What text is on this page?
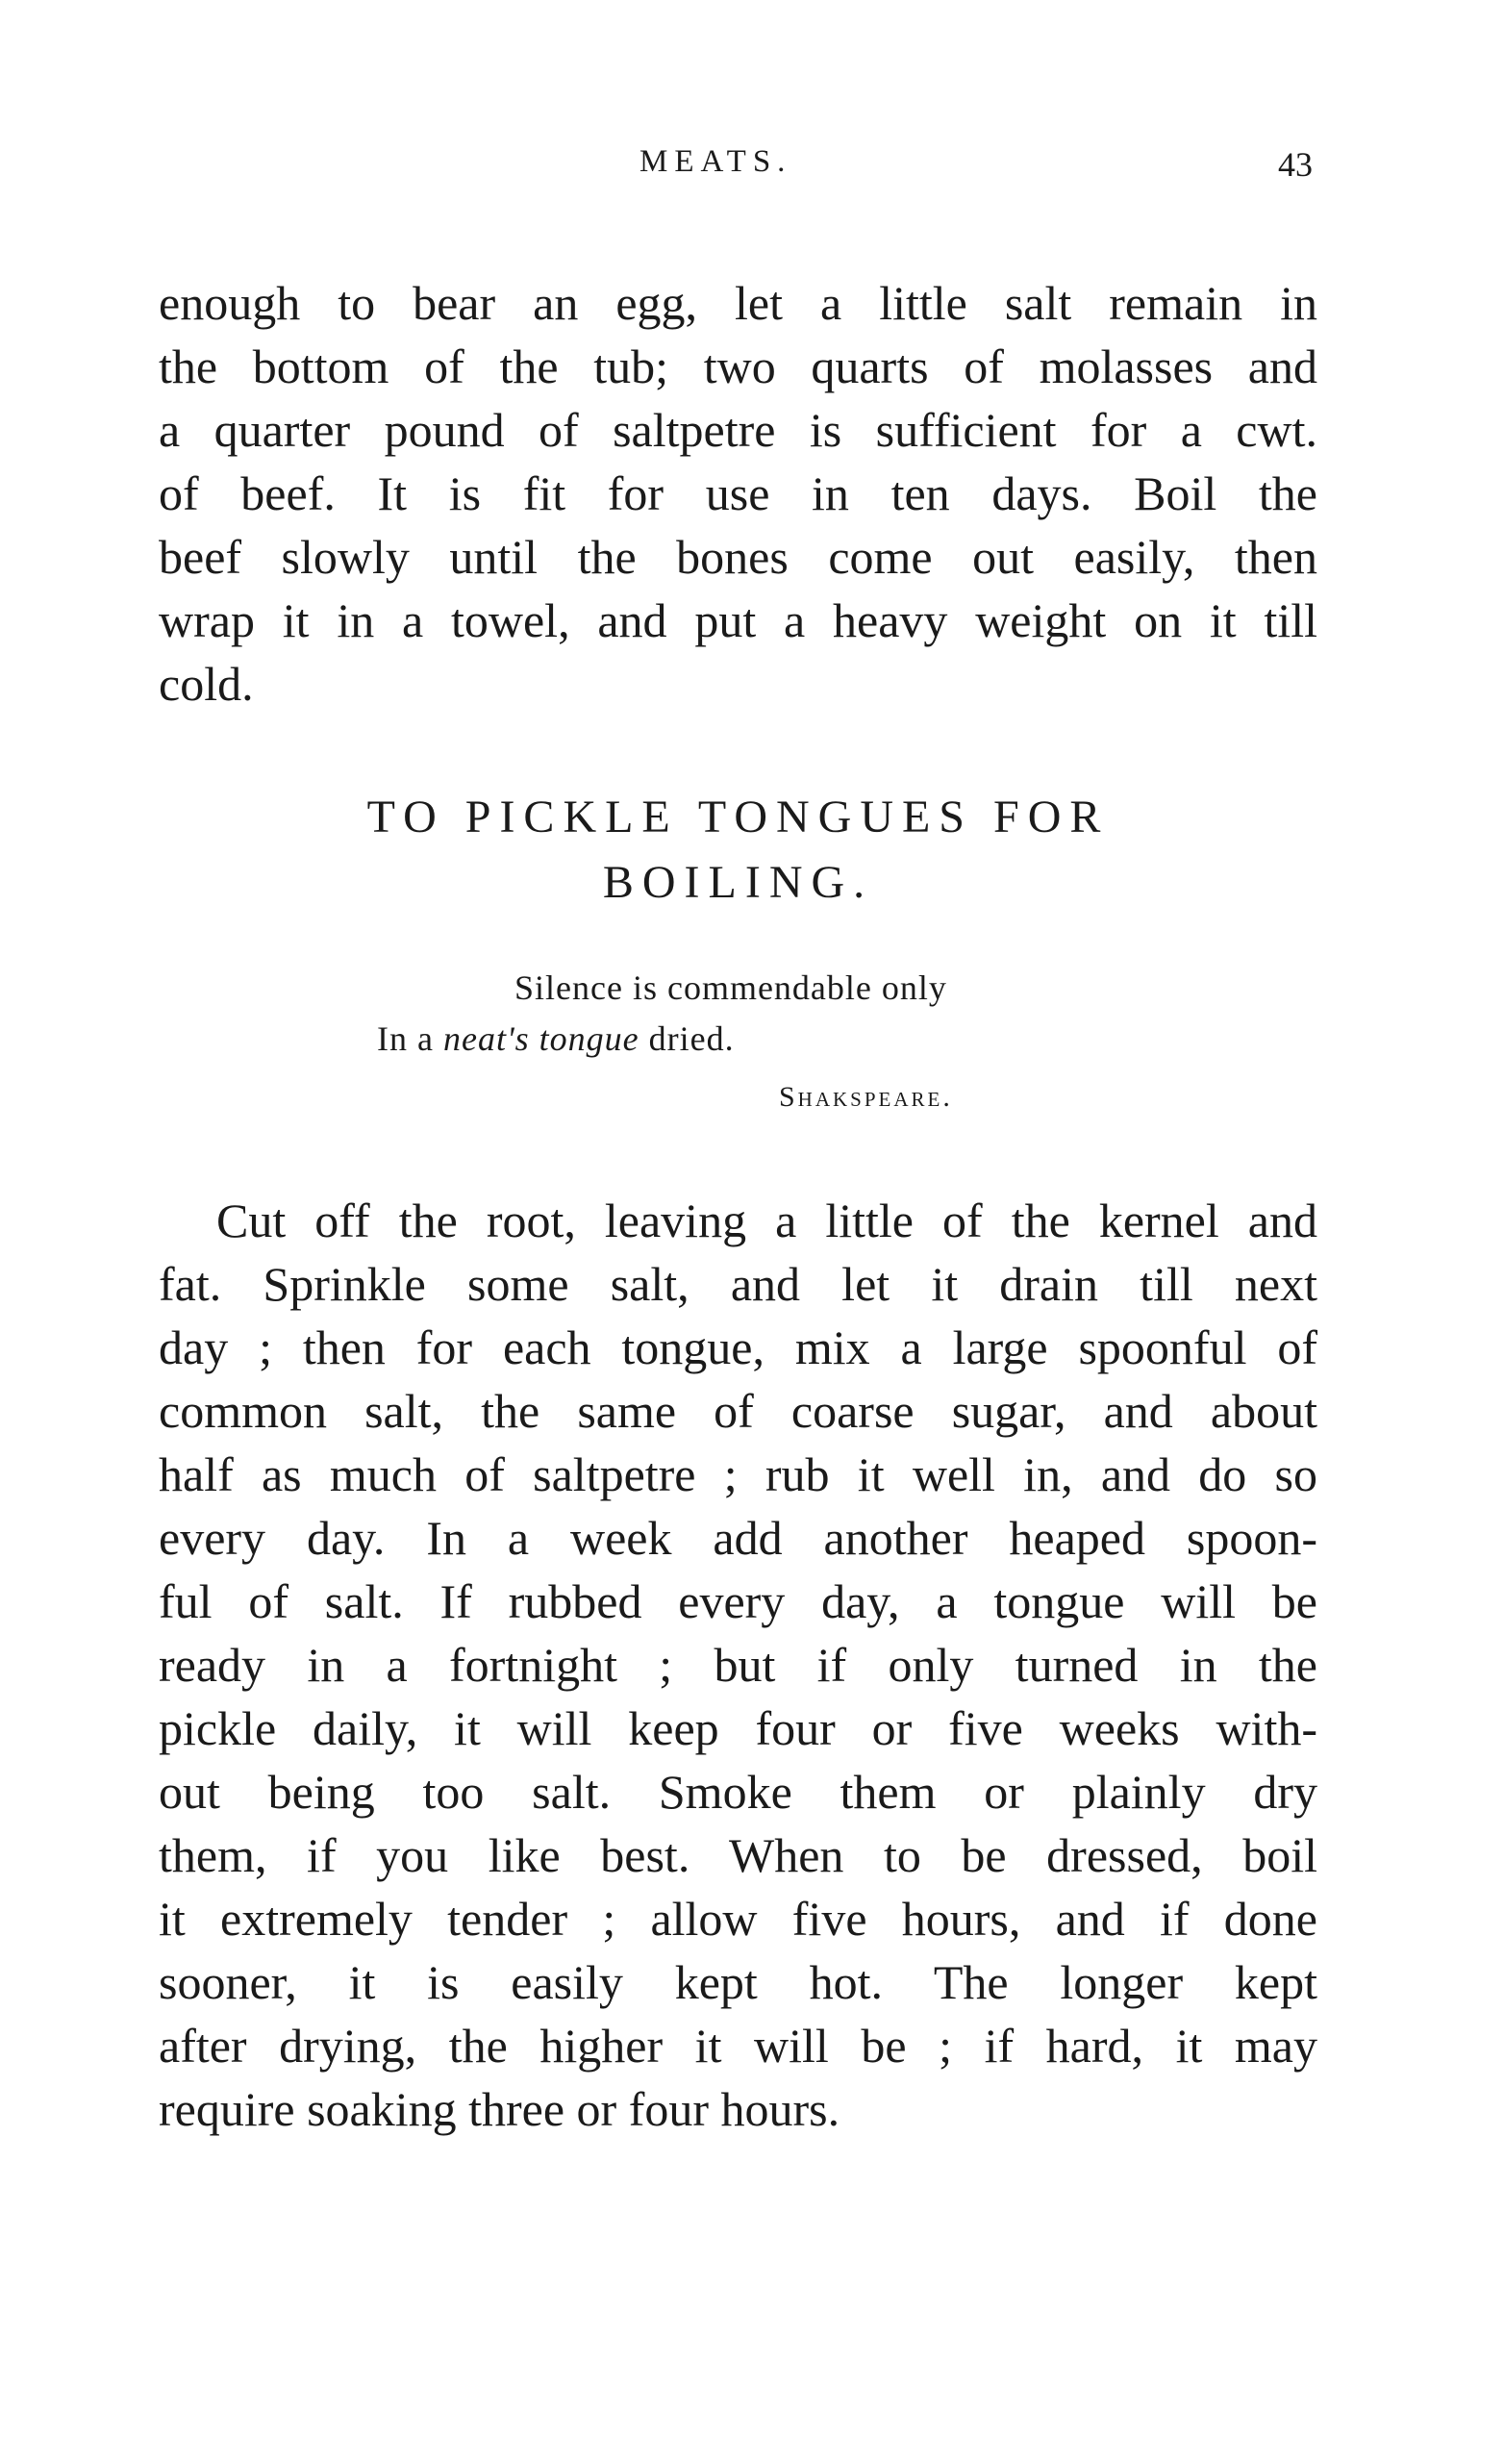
MEATS.	43
enough to bear an egg, let a little salt remain in
the bottom of the tub; two quarts of molasses and
a quarter pound of saltpetre is sufficient for a cwt.
of beef. It is fit for use in ten days. Boil the
beef slowly until the bones come out easily, then
wrap it in a towel, and put a heavy weight on it till
cold.
TO PICKLE TONGUES FOR
BOILING.
Silence is commendable only
In a neat's tongue dried.
Shakspeare.
Cut off the root, leaving a little of the kernel and
fat. Sprinkle some salt, and let it drain till next
day ; then for each tongue, mix a large spoonful of
common salt, the same of coarse sugar, and about
half as much of saltpetre ; rub it well in, and do so
every day. In a week add another heaped spoon-
ful of salt. If rubbed every day, a tongue will be
ready in a fortnight ; but if only turned in the
pickle daily, it will keep four or five weeks with-
out being too salt. Smoke them or plainly dry
them, if you like best. When to be dressed, boil
it extremely tender ; allow five hours, and if done
sooner, it is easily kept hot. The longer kept
after drying, the higher it will be ; if hard, it may
require soaking three or four hours.
